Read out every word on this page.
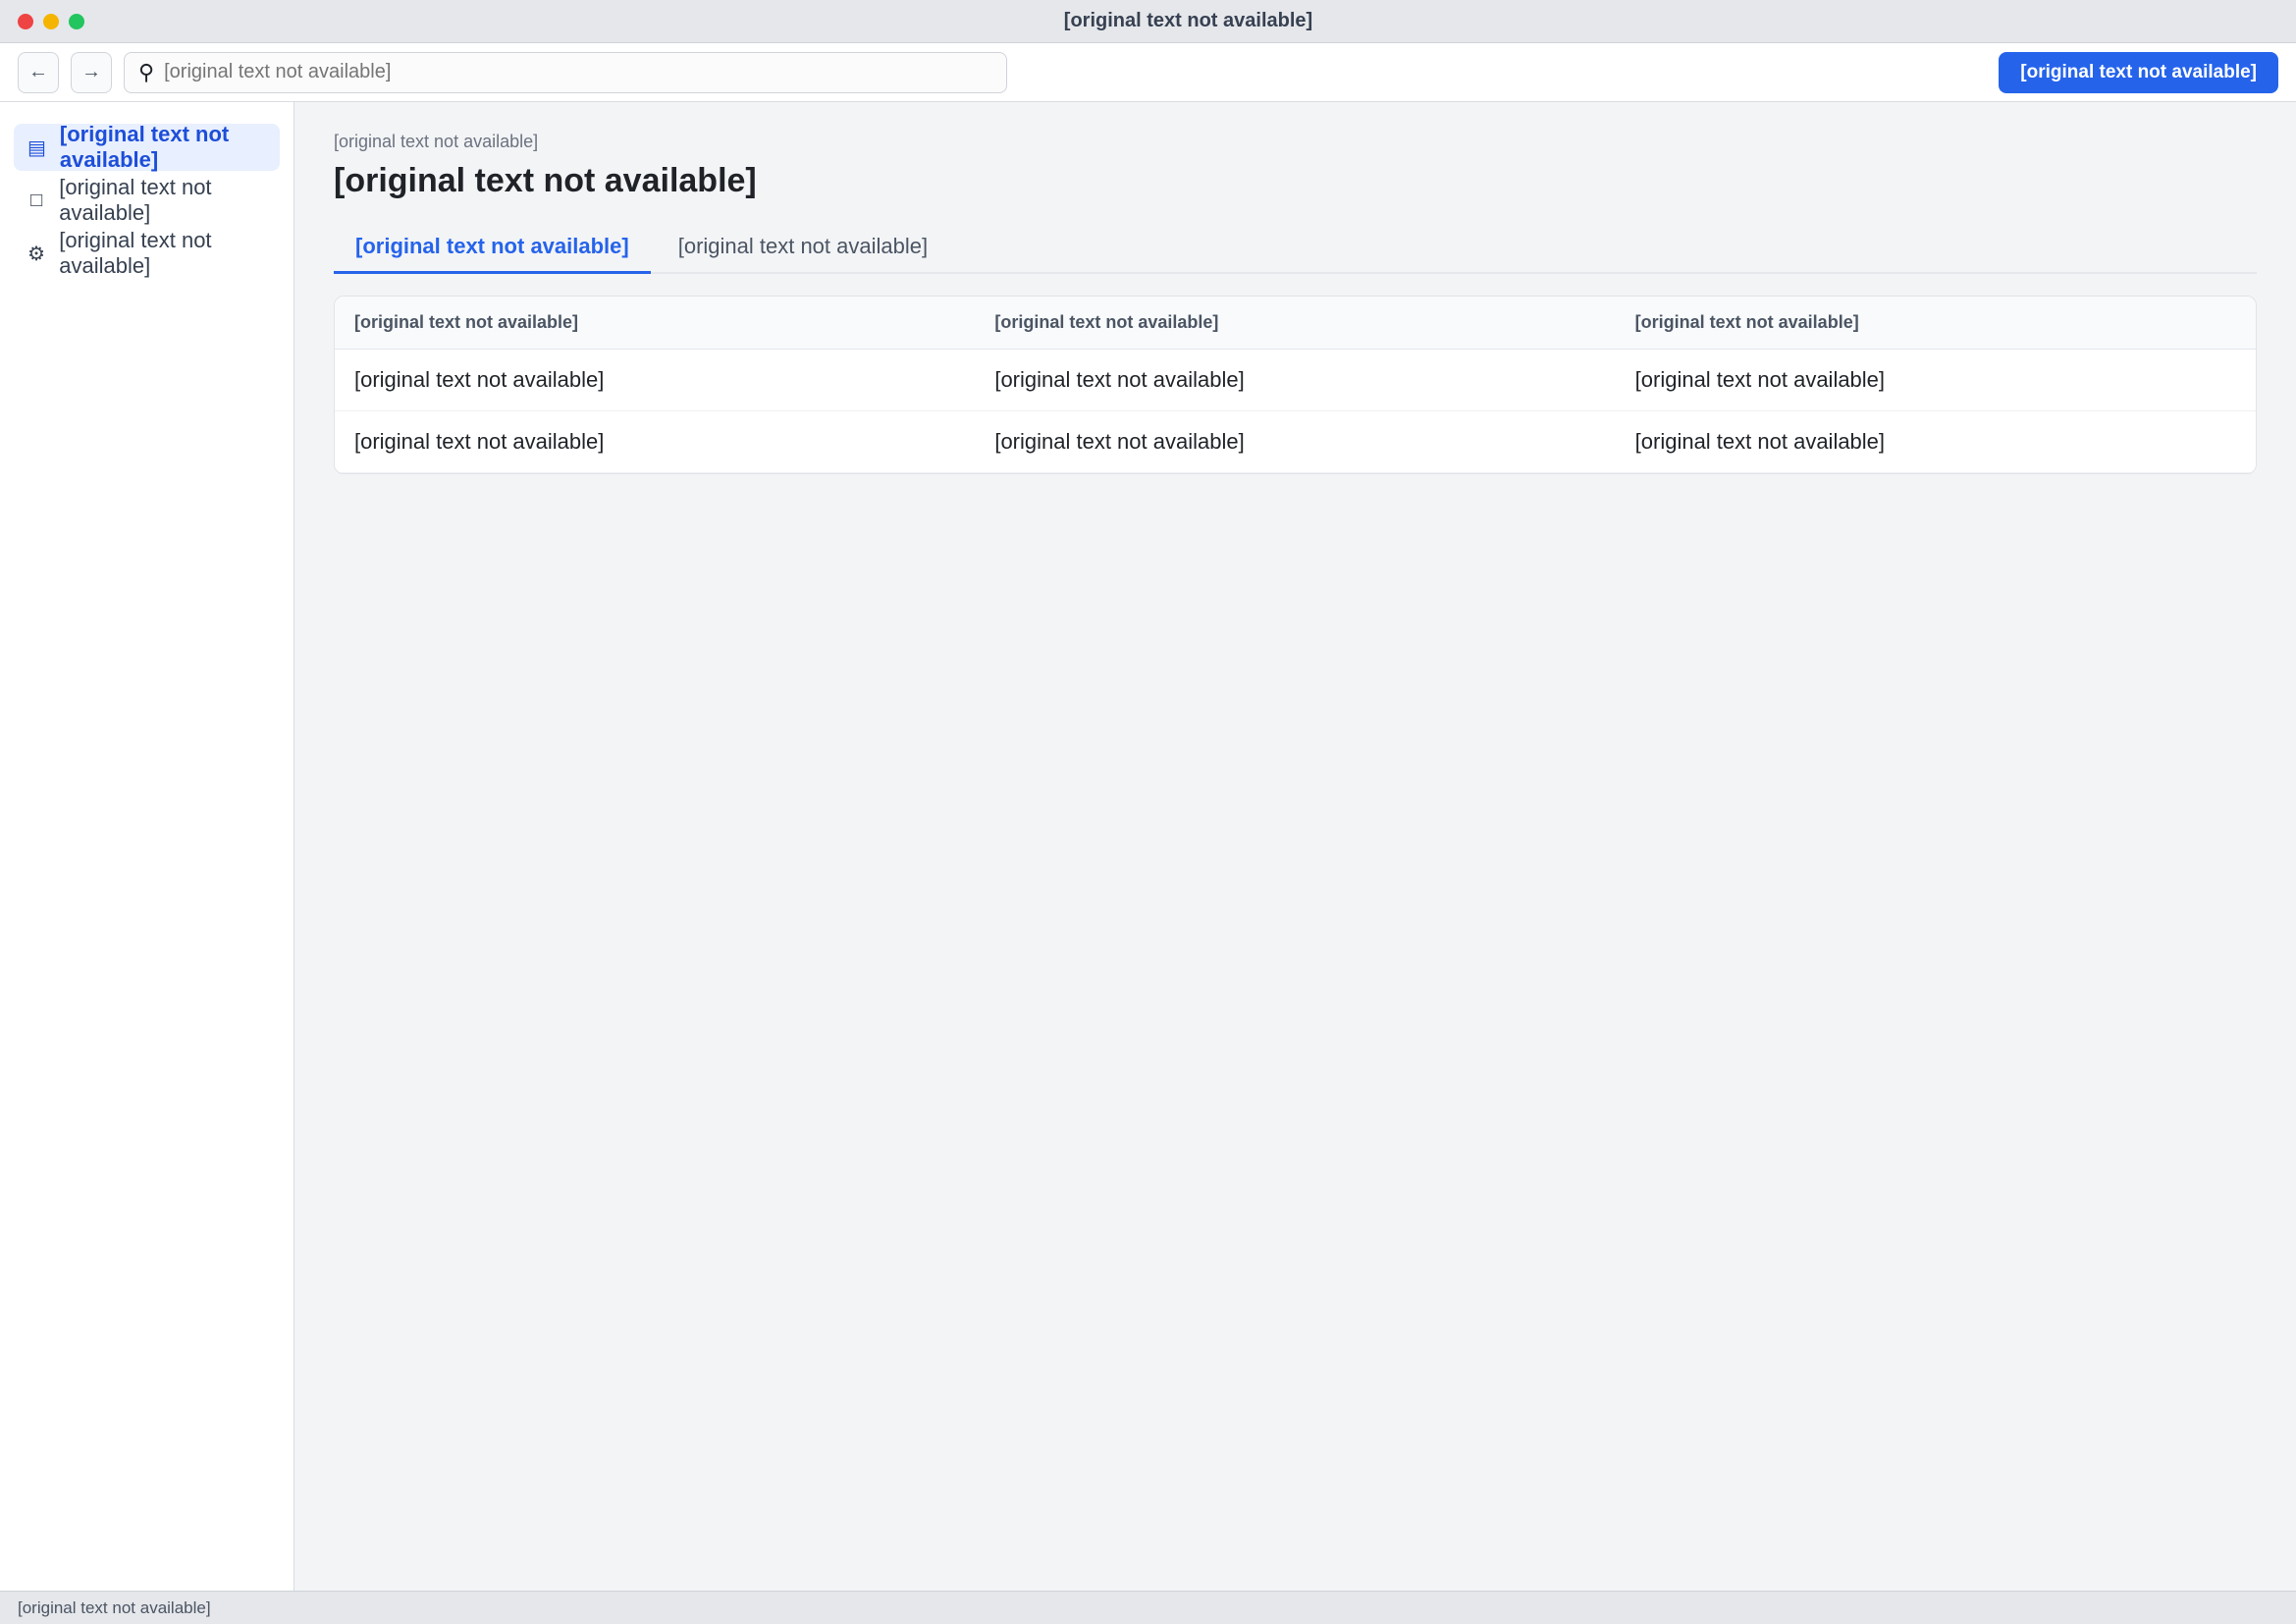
[original text not available]
← → ⚲
[original text not available]	[original text not available]
▤
[original text not available]
□
[original text not available]
⚙
[original text not available]
[original text not available]
[original text not available]
[original text not available]	[original text not available]
[original text not available]	[original text not available]	[original text not available]
[original text not available]	[original text not available]	[original text not available]
[original text not available]	[original text not available]	[original text not available]
[original text not available]
